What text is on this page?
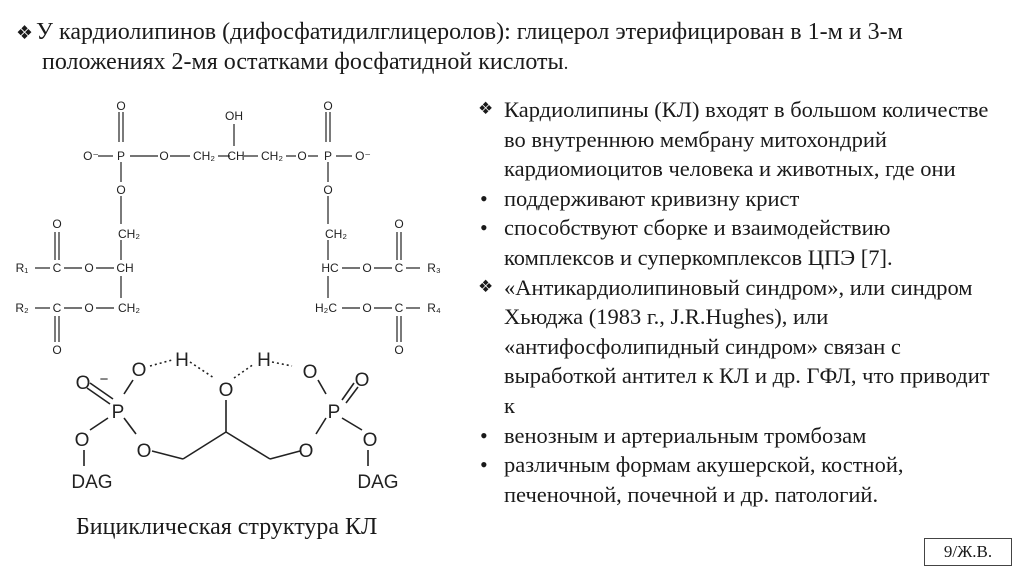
❖ У кардиолипинов (дифосфатидилглицеролов): глицерол этерифицирован в 1-м и 3-м
положениях 2-мя остатками фосфатидной кислоты.
O
O⁻ P	O CH₂
OH
CH CH₂ O
O
P O⁻
O	O
CH₂	CH₂
O
R₁ C O CH
R₂ C O CH₂
O
O
HC O C R₃
H₂C O C R₄
O
O − O
P
O
O
H
O
H
O
P
O
O
O
DAG	DAG
Бициклическая структура КЛ
❖ Кардиолипины (КЛ) входят в большом количестве во внутреннюю мембрану митохондрий кардиомиоцитов человека и животных, где они
• поддерживают кривизну крист
• способствуют сборке и взаимодействию комплексов и суперкомплексов ЦПЭ [7].
❖ «Антикардиолипиновый синдром», или синдром Хьюджа (1983 г., J.R.Hughes), или «антифосфолипидный синдром» связан с выработкой антител к КЛ и др. ГФЛ, что приводит к
• венозным и артериальным тромбозам
• различным формам акушерской, костной, печеночной, почечной и др. патологий.
9/Ж.В.
